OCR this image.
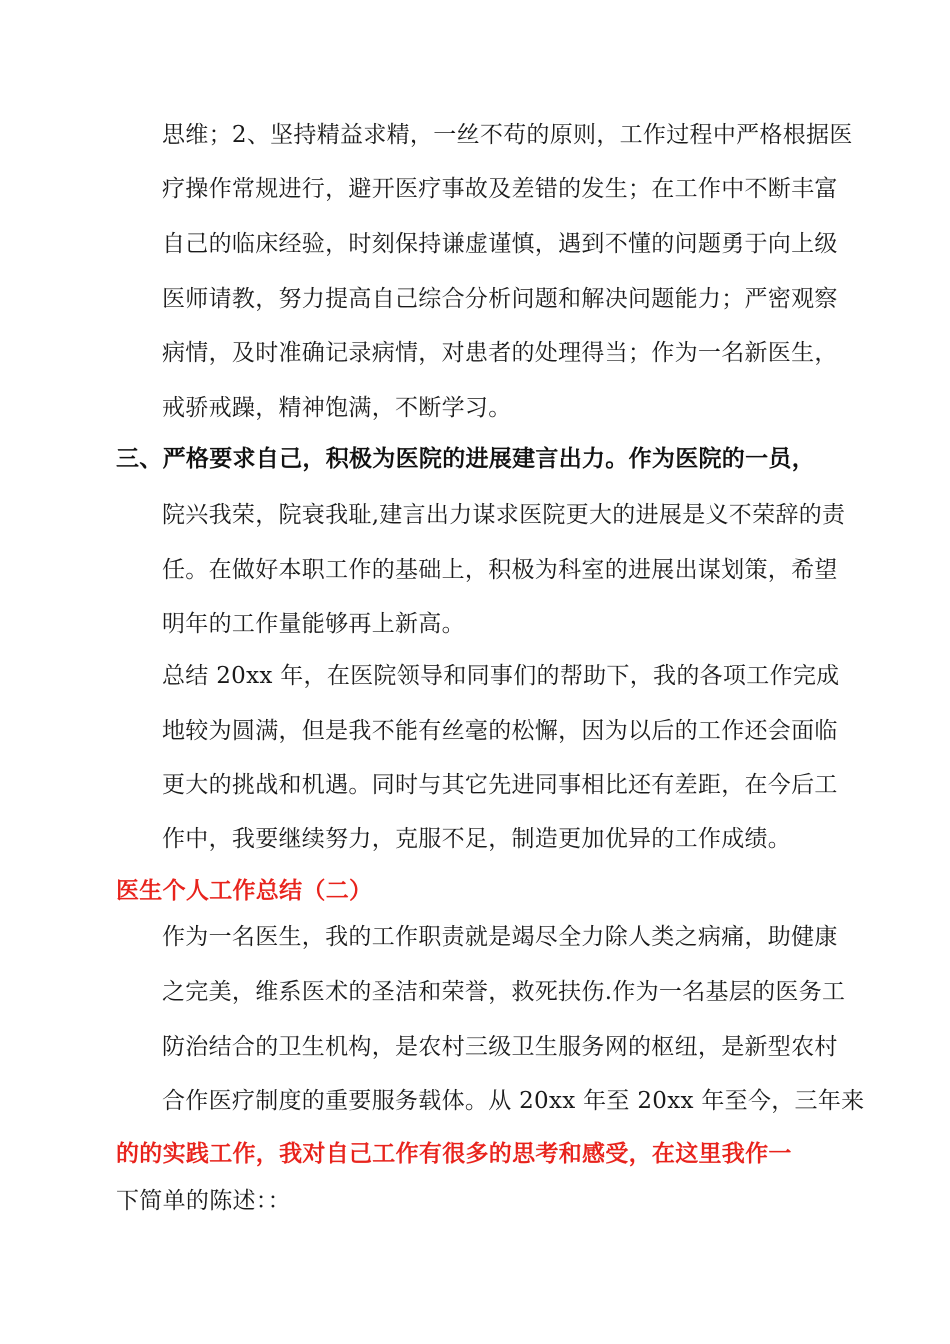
思维；2、坚持精益求精，一丝不苟的原则，工作过程中严格根据医
疗操作常规进行，避开医疗事故及差错的发生；在工作中不断丰富
自己的临床经验，时刻保持谦虚谨慎，遇到不懂的问题勇于向上级
医师请教，努力提高自己综合分析问题和解决问题能力；严密观察
病情，及时准确记录病情，对患者的处理得当；作为一名新医生，
戒骄戒躁，精神饱满，不断学习。
三、严格要求自己，积极为医院的进展建言出力。作为医院的一员，
院兴我荣，院衰我耻,建言出力谋求医院更大的进展是义不荣辞的责
任。在做好本职工作的基础上，积极为科室的进展出谋划策，希望
明年的工作量能够再上新高。
总结 20xx 年，在医院领导和同事们的帮助下，我的各项工作完成
地较为圆满，但是我不能有丝毫的松懈，因为以后的工作还会面临
更大的挑战和机遇。同时与其它先进同事相比还有差距，在今后工
作中，我要继续努力，克服不足，制造更加优异的工作成绩。
医生个人工作总结（二）
作为一名医生，我的工作职责就是竭尽全力除人类之病痛，助健康
之完美，维系医术的圣洁和荣誉，救死扶伤.作为一名基层的医务工
防治结合的卫生机构，是农村三级卫生服务网的枢纽，是新型农村
合作医疗制度的重要服务载体。从 20xx 年至 20xx 年至今，三年来
的的实践工作，我对自己工作有很多的思考和感受，在这里我作一
下简单的陈述：：
